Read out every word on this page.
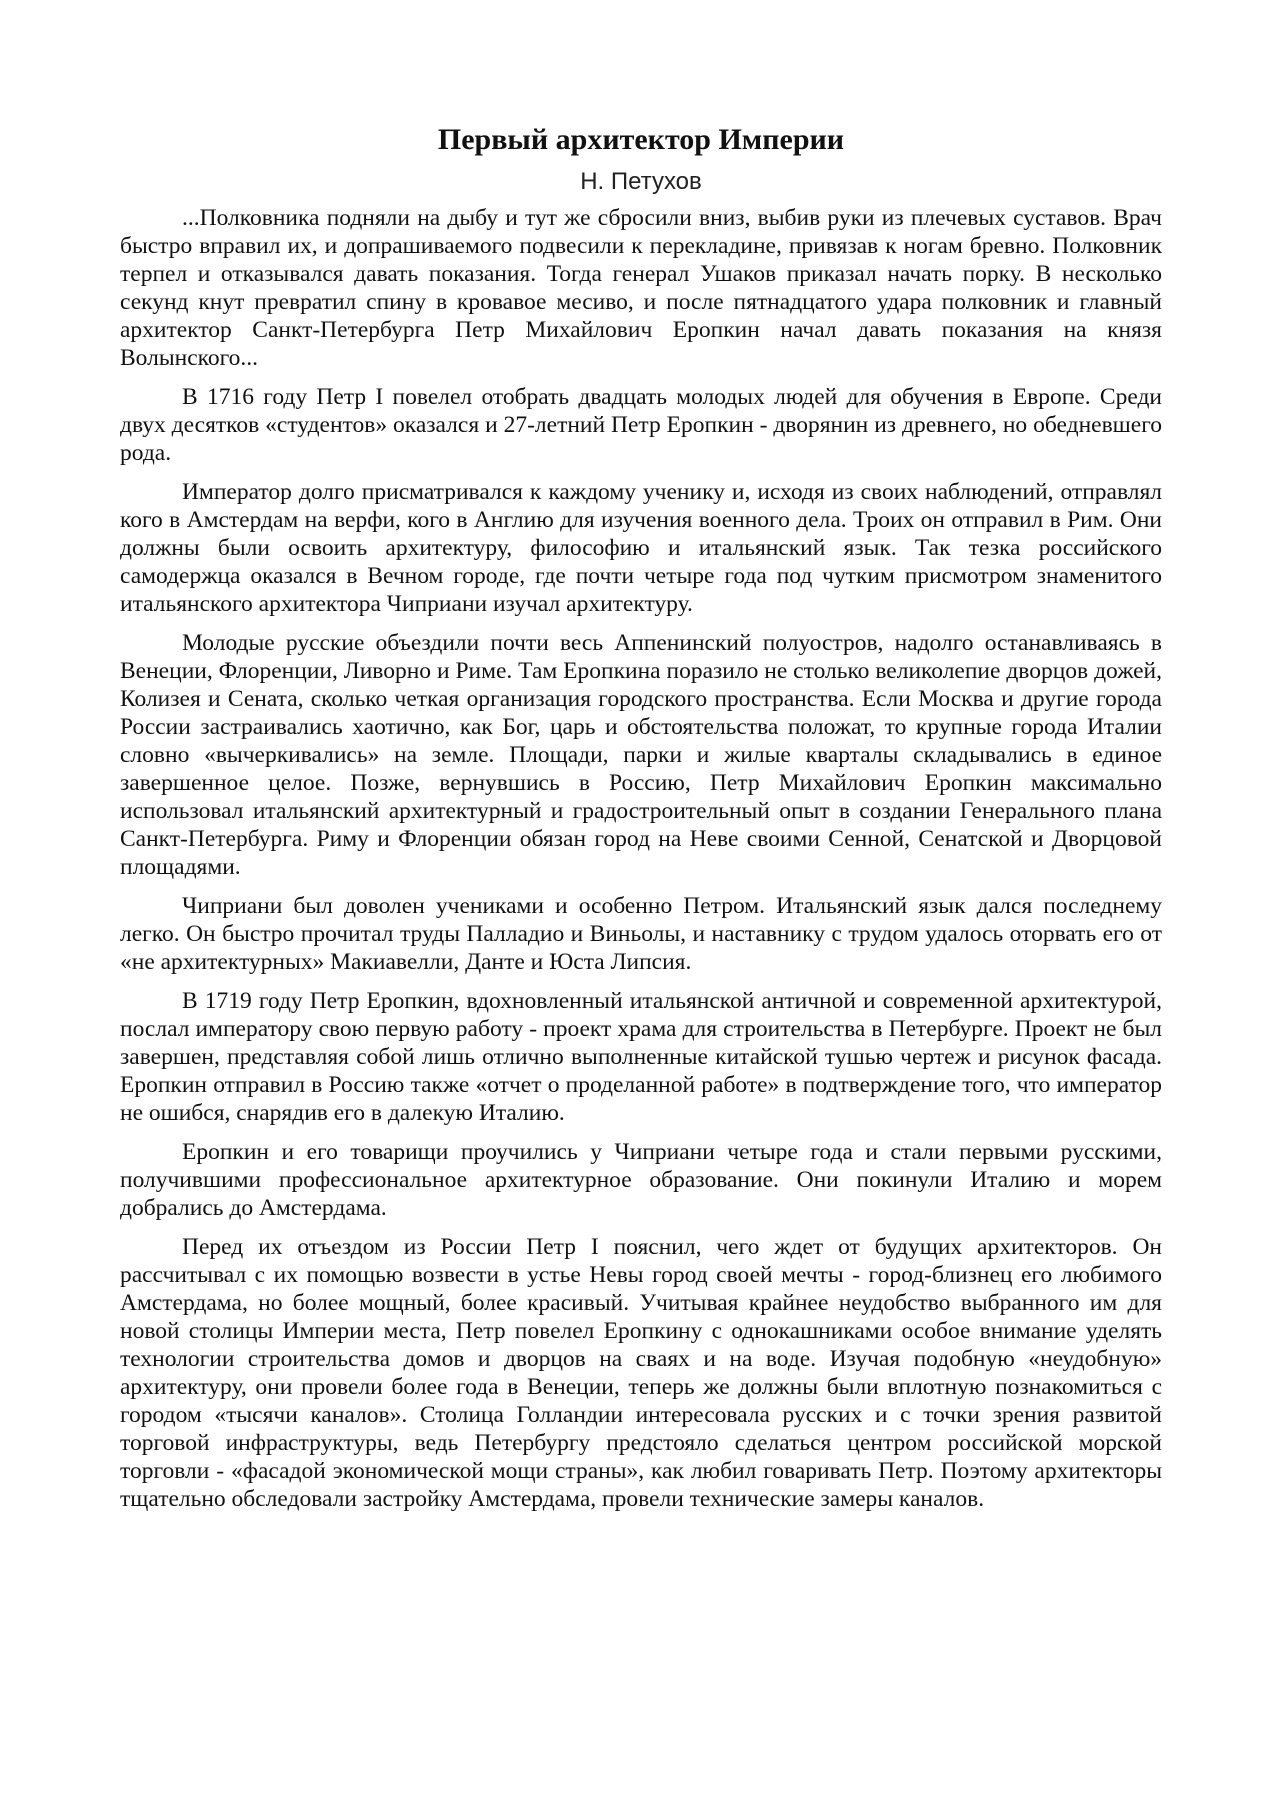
Первый архитектор Империи
Н. Петухов

...Полковника подняли на дыбу и тут же сбросили вниз, выбив руки из плечевых суставов. Врач быстро вправил их, и допрашиваемого подвесили к перекладине, привязав к ногам бревно. Полковник терпел и отказывался давать показания. Тогда генерал Ушаков приказал начать порку. В несколько секунд кнут превратил спину в кровавое месиво, и после пятнадцатого удара полковник и главный архитектор Санкт-Петербурга Петр Михайлович Еропкин начал давать показания на князя Волынского...

В 1716 году Петр I повелел отобрать двадцать молодых людей для обучения в Европе. Среди двух десятков «студентов» оказался и 27-летний Петр Еропкин - дворянин из древнего, но обедневшего рода.

Император долго присматривался к каждому ученику и, исходя из своих наблюдений, отправлял кого в Амстердам на верфи, кого в Англию для изучения военного дела. Троих он отправил в Рим. Они должны были освоить архитектуру, философию и итальянский язык. Так тезка российского самодержца оказался в Вечном городе, где почти четыре года под чутким присмотром знаменитого итальянского архитектора Чиприани изучал архитектуру.

Молодые русские объездили почти весь Аппенинский полуостров, надолго останавливаясь в Венеции, Флоренции, Ливорно и Риме. Там Еропкина поразило не столько великолепие дворцов дожей, Колизея и Сената, сколько четкая организация городского пространства. Если Москва и другие города России застраивались хаотично, как Бог, царь и обстоятельства положат, то крупные города Италии словно «вычеркивались» на земле. Площади, парки и жилые кварталы складывались в единое завершенное целое. Позже, вернувшись в Россию, Петр Михайлович Еропкин максимально использовал итальянский архитектурный и градостроительный опыт в создании Генерального плана Санкт-Петербурга. Риму и Флоренции обязан город на Неве своими Сенной, Сенатской и Дворцовой площадями.

Чиприани был доволен учениками и особенно Петром. Итальянский язык дался последнему легко. Он быстро прочитал труды Палладио и Виньолы, и наставнику с трудом удалось оторвать его от «не архитектурных» Макиавелли, Данте и Юста Липсия.

В 1719 году Петр Еропкин, вдохновленный итальянской античной и современной архитектурой, послал императору свою первую работу - проект храма для строительства в Петербурге. Проект не был завершен, представляя собой лишь отлично выполненные китайской тушью чертеж и рисунок фасада. Еропкин отправил в Россию также «отчет о проделанной работе» в подтверждение того, что император не ошибся, снарядив его в далекую Италию.

Еропкин и его товарищи проучились у Чиприани четыре года и стали первыми русскими, получившими профессиональное архитектурное образование. Они покинули Италию и морем добрались до Амстердама.

Перед их отъездом из России Петр I пояснил, чего ждет от будущих архитекторов. Он рассчитывал с их помощью возвести в устье Невы город своей мечты - город-близнец его любимого Амстердама, но более мощный, более красивый. Учитывая крайнее неудобство выбранного им для новой столицы Империи места, Петр повелел Еропкину с однокашниками особое внимание уделять технологии строительства домов и дворцов на сваях и на воде. Изучая подобную «неудобную» архитектуру, они провели более года в Венеции, теперь же должны были вплотную познакомиться с городом «тысячи каналов». Столица Голландии интересовала русских и с точки зрения развитой торговой инфраструктуры, ведь Петербургу предстояло сделаться центром российской морской торговли - «фасадой экономической мощи страны», как любил говаривать Петр. Поэтому архитекторы тщательно обследовали застройку Амстердама, провели технические замеры каналов.
